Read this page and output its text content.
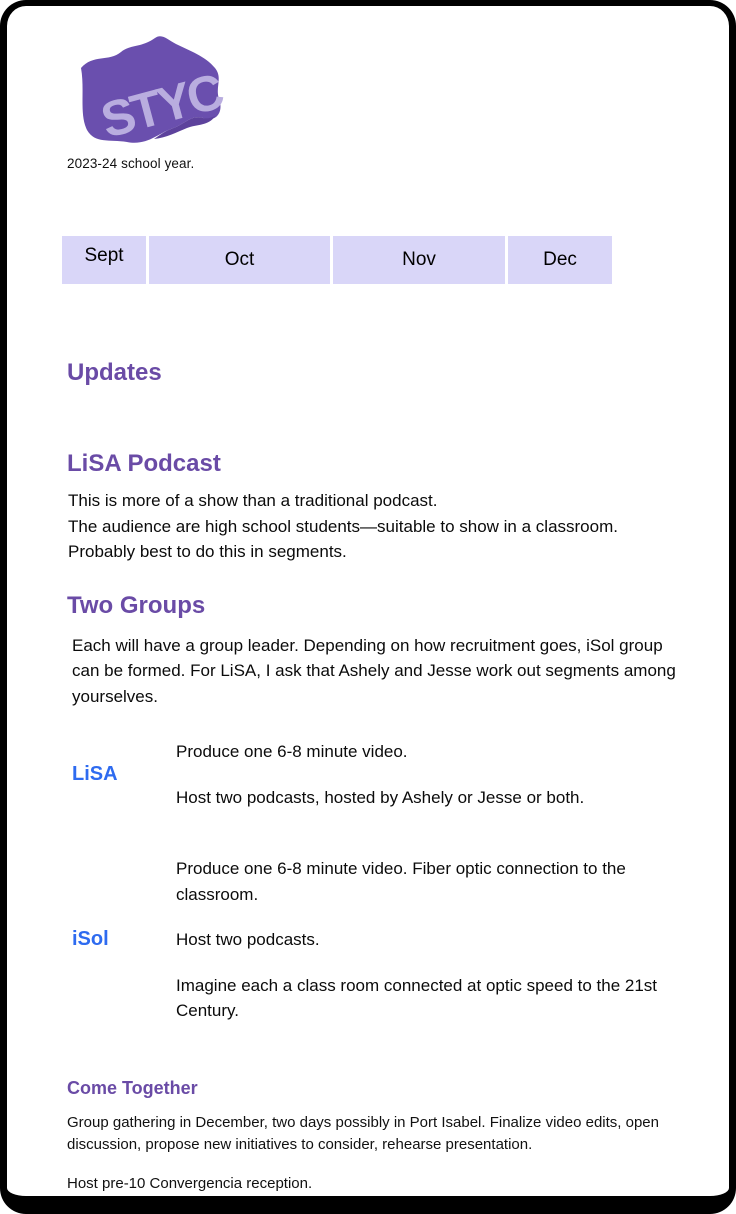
STYC
2023-24 school year.
Sept	Oct	Nov	Dec
Updates
LiSA Podcast
This is more of a show than a traditional podcast.
The audience are high school students—suitable to show in a classroom.
Probably best to do this in segments.
Two Groups
Each will have a group leader. Depending on how recruitment goes, iSol group can be formed. For LiSA, I ask that Ashely and Jesse work out segments among yourselves.
LiSA
Produce one 6-8 minute video.
Host two podcasts, hosted by Ashely or Jesse or both.
iSol
Produce one 6-8 minute video. Fiber optic connection to the classroom.
Host two podcasts.
Imagine each a class room connected at optic speed to the 21st Century.
Come Together
Group gathering in December, two days possibly in Port Isabel. Finalize video edits, open discussion, propose new initiatives to consider, rehearse presentation.
Host pre-10 Convergencia reception.
